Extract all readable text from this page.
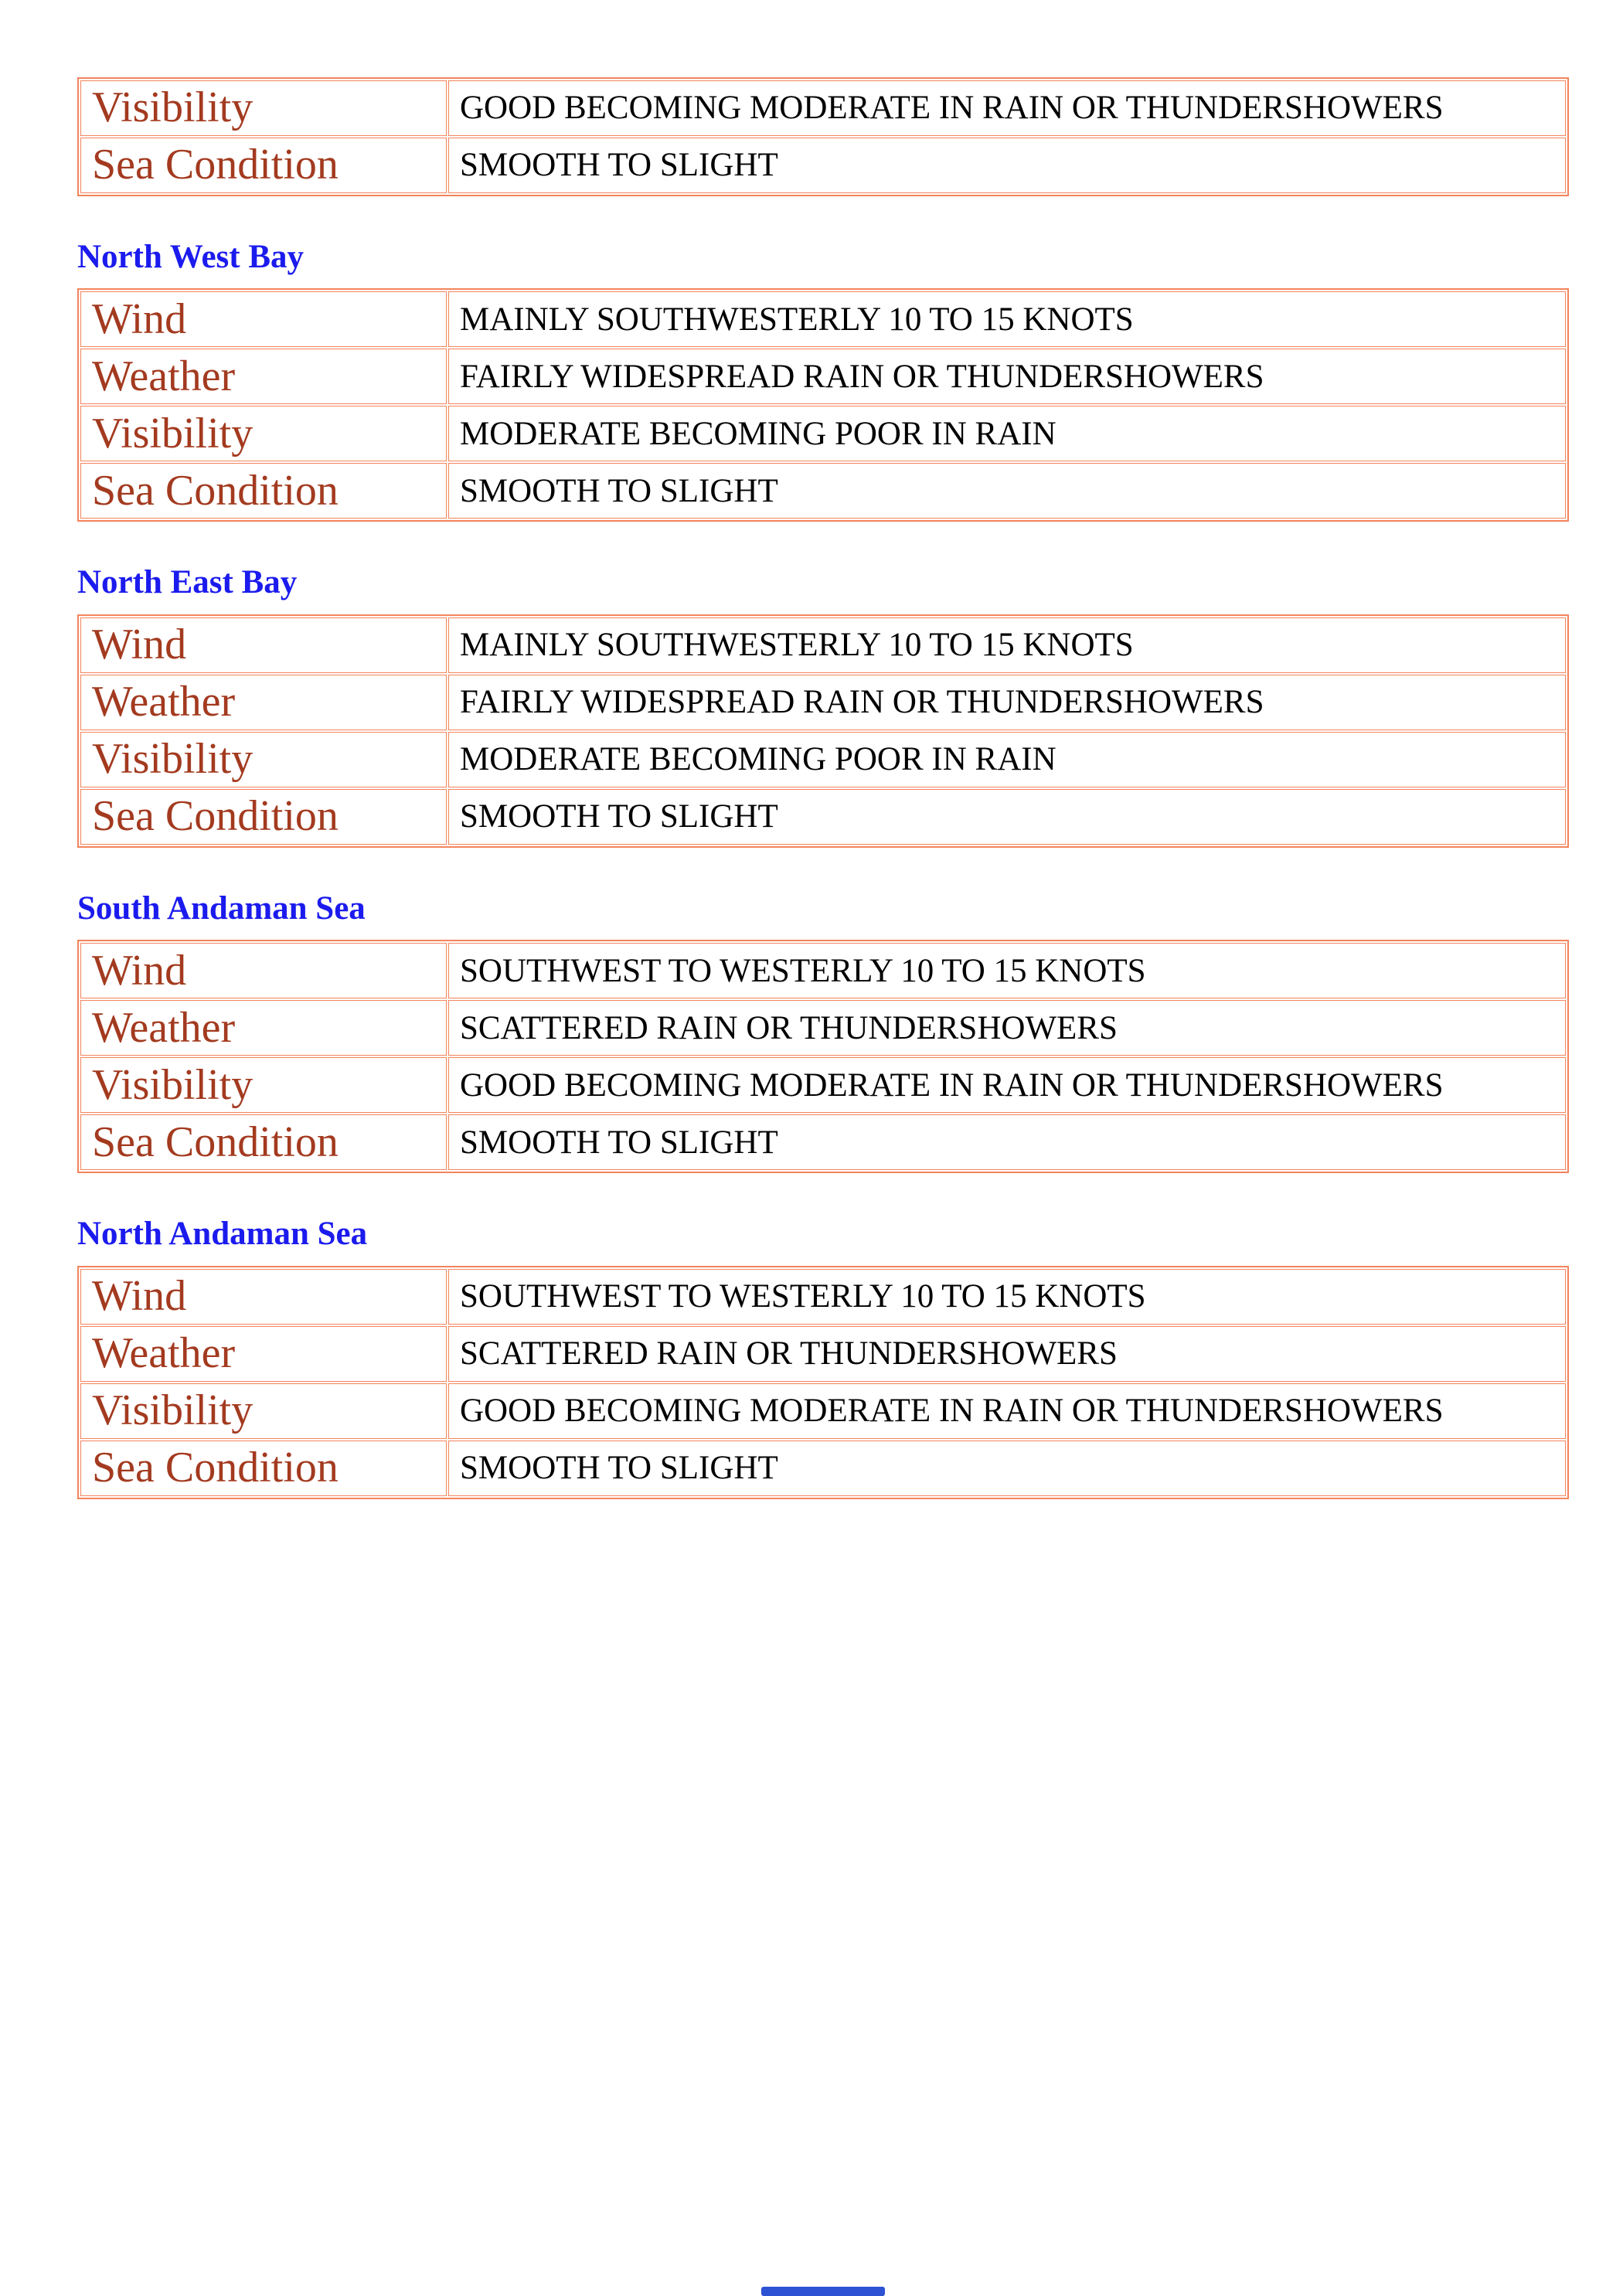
Visibility	GOOD BECOMING MODERATE IN RAIN OR THUNDERSHOWERS
Sea Condition	SMOOTH TO SLIGHT
North West Bay
Wind	MAINLY SOUTHWESTERLY 10 TO 15 KNOTS
Weather	FAIRLY WIDESPREAD RAIN OR THUNDERSHOWERS
Visibility	MODERATE BECOMING POOR IN RAIN
Sea Condition	SMOOTH TO SLIGHT
North East Bay
Wind	MAINLY SOUTHWESTERLY 10 TO 15 KNOTS
Weather	FAIRLY WIDESPREAD RAIN OR THUNDERSHOWERS
Visibility	MODERATE BECOMING POOR IN RAIN
Sea Condition	SMOOTH TO SLIGHT
South Andaman Sea
Wind	SOUTHWEST TO WESTERLY 10 TO 15 KNOTS
Weather	SCATTERED RAIN OR THUNDERSHOWERS
Visibility	GOOD BECOMING MODERATE IN RAIN OR THUNDERSHOWERS
Sea Condition	SMOOTH TO SLIGHT
North Andaman Sea
Wind	SOUTHWEST TO WESTERLY 10 TO 15 KNOTS
Weather	SCATTERED RAIN OR THUNDERSHOWERS
Visibility	GOOD BECOMING MODERATE IN RAIN OR THUNDERSHOWERS
Sea Condition	SMOOTH TO SLIGHT
